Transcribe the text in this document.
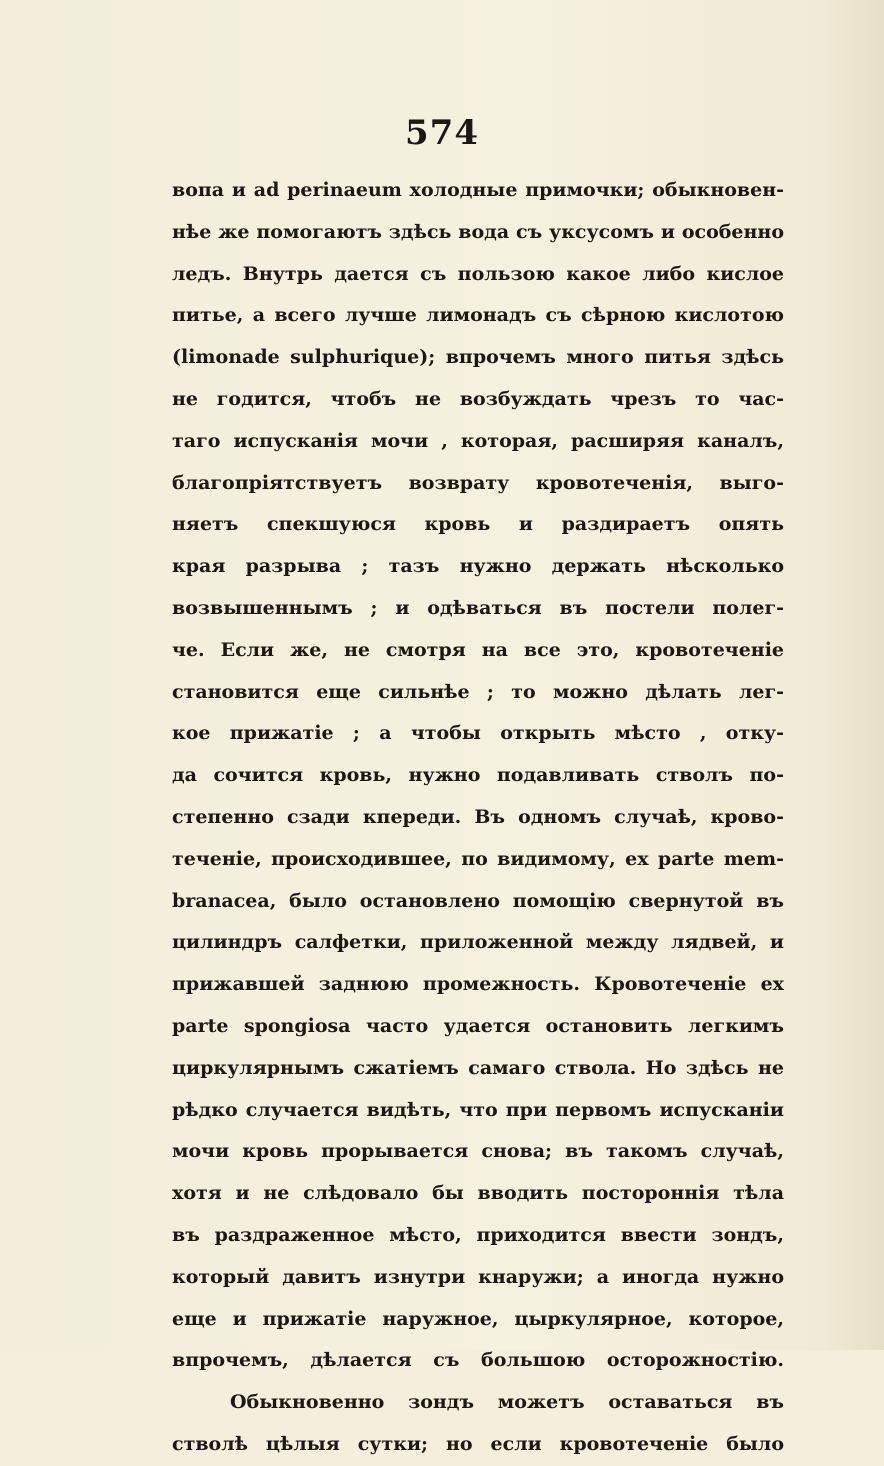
574
вопа и ad perinaeum холодные примочки; обыкновен-
нѣе же помогаютъ здѣсь вода съ уксусомъ и особенно
ледъ. Внутрь дается съ пользою какое либо кислое
питье, а всего лучше лимонадъ съ сѣрною кислотою
(limonade sulphurique); впрочемъ много питья здѣсь
не годится, чтобъ не возбуждать чрезъ то час-
таго испусканія мочи , которая, расширяя каналъ,
благопріятствуетъ возврату кровотеченія, выго-
няетъ спекшуюся кровь и раздираетъ опять
края разрыва ; тазъ нужно держать нѣсколько
возвышеннымъ ; и одѣваться въ постели полег-
че. Если же, не смотря на все это, кровотеченіе
становится еще сильнѣе ; то можно дѣлать лег-
кое прижатіе ; а чтобы открыть мѣсто , отку-
да сочится кровь, нужно подавливать стволъ по-
степенно сзади кпереди. Въ одномъ случаѣ, крово-
теченіе, происходившее, по видимому, ex parte mem-
branacea, было остановлено помощію свернутой въ
цилиндръ салфетки, приложенной между лядвей, и
прижавшей заднюю промежность. Кровотеченіе ex
parte spongiosa часто удается остановить легкимъ
циркулярнымъ сжатіемъ самаго ствола. Но здѣсь не
рѣдко случается видѣть, что при первомъ испусканіи
мочи кровь прорывается снова; въ такомъ случаѣ,
хотя и не слѣдовало бы вводить постороннія тѣла
въ раздраженное мѣсто, приходится ввести зондъ,
который давитъ изнутри кнаружи; а иногда нужно
еще и прижатіе наружное, цыркулярное, которое,
впрочемъ, дѣлается съ большою осторожностію.
Обыкновенно зондъ можетъ оставаться въ
стволѣ цѣлыя сутки; но если кровотеченіе было
